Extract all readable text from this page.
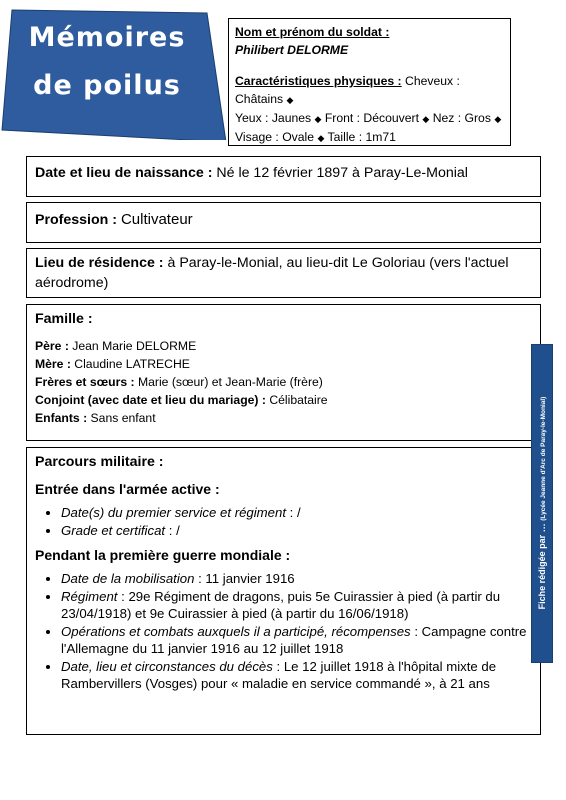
Mémoires
de poilus
Nom et prénom du soldat :
Philibert DELORME
Caractéristiques physiques : Cheveux : Châtains ◆
Yeux : Jaunes ◆ Front : Découvert ◆ Nez : Gros ◆
Visage : Ovale ◆ Taille : 1m71
Date et lieu de naissance : Né le 12 février 1897 à Paray-Le-Monial
Profession : Cultivateur
Lieu de résidence : à Paray-le-Monial, au lieu-dit Le Goloriau (vers l'actuel aérodrome)
Famille :
Père : Jean Marie DELORME
Mère : Claudine LATRECHE
Frères et sœurs : Marie (sœur) et Jean-Marie (frère)
Conjoint (avec date et lieu du mariage) : Célibataire
Enfants : Sans enfant
Parcours militaire :
Entrée dans l'armée active :
• Date(s) du premier service et régiment : /
• Grade et certificat : /
Pendant la première guerre mondiale :
• Date de la mobilisation : 11 janvier 1916
• Régiment : 29e Régiment de dragons, puis 5e Cuirassier à pied (à partir du 23/04/1918) et 9e Cuirassier à pied (à partir du 16/06/1918)
• Opérations et combats auxquels il a participé, récompenses : Campagne contre l'Allemagne du 11 janvier 1916 au 12 juillet 1918
• Date, lieu et circonstances du décès : Le 12 juillet 1918 à l'hôpital mixte de Rambervillers (Vosges) pour « maladie en service commandé », à 21 ans
Fiche rédigée par … (Lycée Jeanne d'Arc de Paray-le-Monial)
